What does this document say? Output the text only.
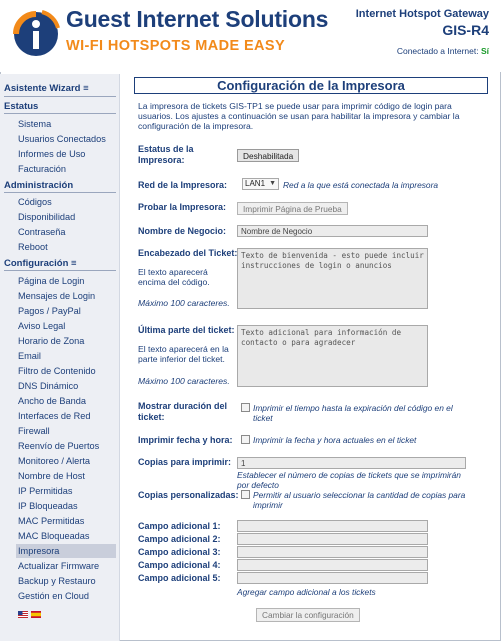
Guest Internet Solutions
WI-FI HOTSPOTS MADE EASY
Internet Hotspot Gateway
GIS-R4
Conectado a Internet: Sí
Asistente Wizard ≡
Estatus
Sistema
Usuarios Conectados
Informes de Uso
Facturación
Administración
Códigos
Disponibilidad
Contraseña
Reboot
Configuración ≡
Página de Login
Mensajes de Login
Pagos / PayPal
Aviso Legal
Horario de Zona
Email
Filtro de Contenido
DNS Dinámico
Ancho de Banda
Interfaces de Red
Firewall
Reenvío de Puertos
Monitoreo / Alerta
Nombre de Host
IP Permitidas
IP Bloqueadas
MAC Permitidas
MAC Bloqueadas
Impresora
Actualizar Firmware
Backup y Restauro
Gestión en Cloud
Configuración de la Impresora
La impresora de tickets GIS-TP1 se puede usar para imprimir código de login para usuarios. Los ajustes a continuación se usan para habilitar la impresora y cambiar la configuración de la impresora.
Estatus de la Impresora:	Deshabilitada
Red de la Impresora:	LAN1 ▼ Red a la que está conectada la impresora
Probar la Impresora:	Imprimir Página de Prueba
Nombre de Negocio:	Nombre de Negocio
Encabezado del Ticket:
El texto aparecerá encima del código.
Máximo 100 caracteres.
Texto de bienvenida - esto puede incluir instrucciones de login o anuncios
Última parte del ticket:
El texto aparecerá en la parte inferior del ticket.
Máximo 100 caracteres.
Texto adicional para información de contacto o para agradecer
Mostrar duración del ticket:
Imprimir el tiempo hasta la expiración del código en el ticket
Imprimir fecha y hora: Imprimir la fecha y hora actuales en el ticket
Copias para imprimir:	1
Establecer el número de copias de tickets que se imprimirán por defecto
Copias personalizadas: Permitir al usuario seleccionar la cantidad de copias para imprimir
Campo adicional 1:
Campo adicional 2:
Campo adicional 3:
Campo adicional 4:
Campo adicional 5:
Agregar campo adicional a los tickets
Cambiar la configuración
